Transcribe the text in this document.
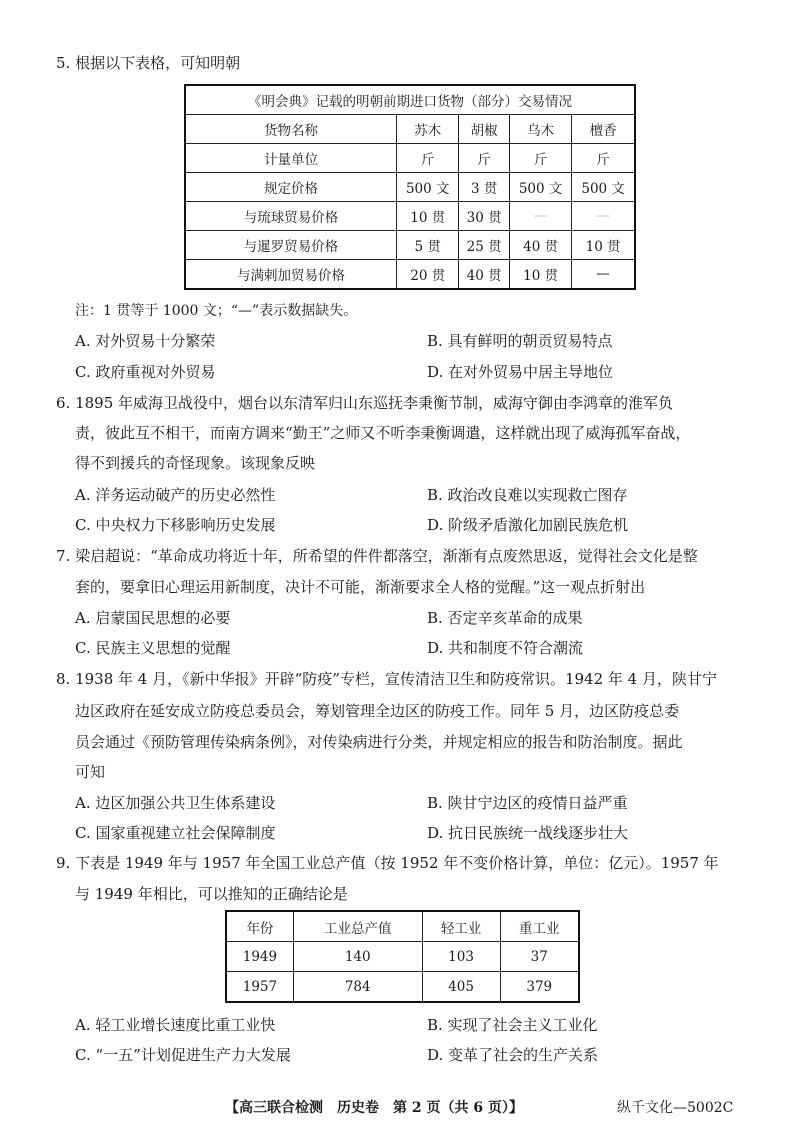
5. 根据以下表格，可知明朝
《明会典》记载的明朝前期进口货物（部分）交易情况				
货物名称	苏木	胡椒	乌木	檀香
计量单位	斤	斤	斤	斤
规定价格	500 文	3 贯	500 文	500 文
与琉球贸易价格	10 贯	30 贯	—	—
与暹罗贸易价格	5 贯	25 贯	40 贯	10 贯
与满剌加贸易价格	20 贯	40 贯	10 贯	—
注：1 贯等于 1000 文；“—”表示数据缺失。
A. 对外贸易十分繁荣	B. 具有鲜明的朝贡贸易特点
C. 政府重视对外贸易	D. 在对外贸易中居主导地位
6. 1895 年威海卫战役中，烟台以东清军归山东巡抚李秉衡节制，威海守御由李鸿章的淮军负
责，彼此互不相干，而南方调来“勤王”之师又不听李秉衡调遣，这样就出现了威海孤军奋战，
得不到援兵的奇怪现象。该现象反映
A. 洋务运动破产的历史必然性	B. 政治改良难以实现救亡图存
C. 中央权力下移影响历史发展	D. 阶级矛盾激化加剧民族危机
7. 梁启超说：“革命成功将近十年，所希望的件件都落空，渐渐有点废然思返，觉得社会文化是整
套的，要拿旧心理运用新制度，决计不可能，渐渐要求全人格的觉醒。”这一观点折射出
A. 启蒙国民思想的必要	B. 否定辛亥革命的成果
C. 民族主义思想的觉醒	D. 共和制度不符合潮流
8. 1938 年 4 月，《新中华报》开辟“防疫”专栏，宣传清洁卫生和防疫常识。1942 年 4 月，陕甘宁
边区政府在延安成立防疫总委员会，筹划管理全边区的防疫工作。同年 5 月，边区防疫总委
员会通过《预防管理传染病条例》，对传染病进行分类，并规定相应的报告和防治制度。据此
可知
A. 边区加强公共卫生体系建设	B. 陕甘宁边区的疫情日益严重
C. 国家重视建立社会保障制度	D. 抗日民族统一战线逐步壮大
9. 下表是 1949 年与 1957 年全国工业总产值（按 1952 年不变价格计算，单位：亿元）。1957 年
与 1949 年相比，可以推知的正确结论是
年份	工业总产值	轻工业	重工业
1949	140	103	37
1957	784	405	379
A. 轻工业增长速度比重工业快	B. 实现了社会主义工业化
C. “一五”计划促进生产力大发展	D. 变革了社会的生产关系
【高三联合检测　历史卷　第 2 页（共 6 页）】	纵千文化—5002C
